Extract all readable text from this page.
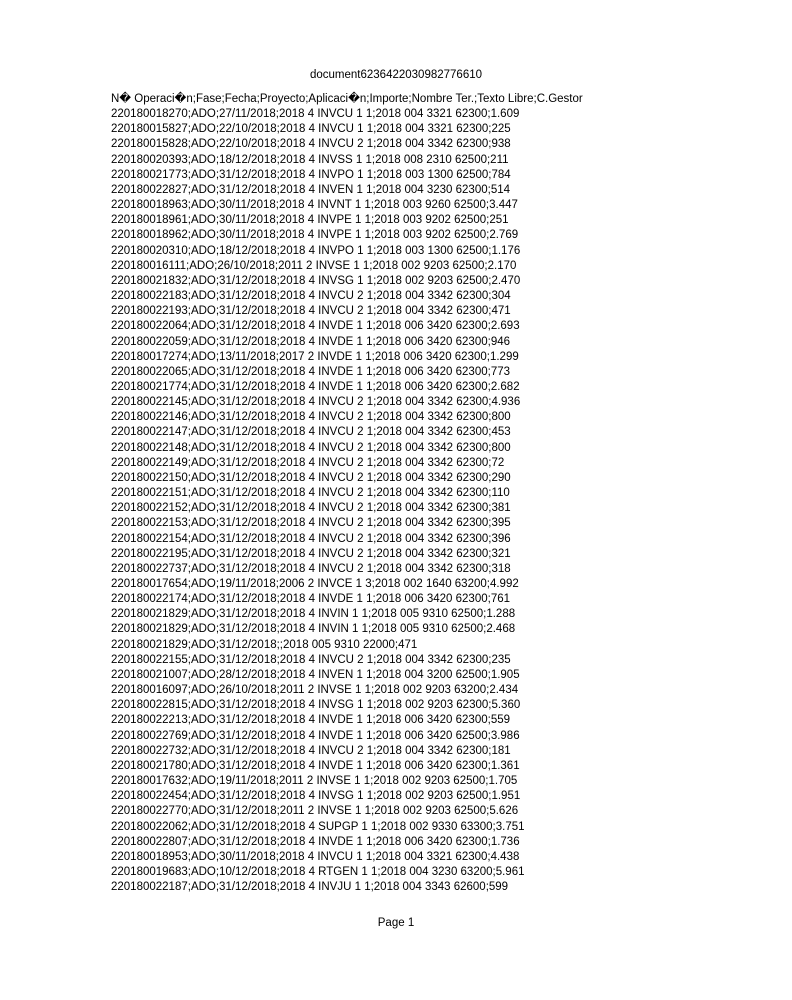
document6236422030982776610
N� Operaci�n;Fase;Fecha;Proyecto;Aplicaci�n;Importe;Nombre Ter.;Texto Libre;C.Gestor
220180018270;ADO;27/11/2018;2018 4 INVCU 1 1;2018 004 3321 62300;1.609
220180015827;ADO;22/10/2018;2018 4 INVCU 1 1;2018 004 3321 62300;225
220180015828;ADO;22/10/2018;2018 4 INVCU 2 1;2018 004 3342 62300;938
220180020393;ADO;18/12/2018;2018 4 INVSS 1 1;2018 008 2310 62500;211
220180021773;ADO;31/12/2018;2018 4 INVPO 1 1;2018 003 1300 62500;784
220180022827;ADO;31/12/2018;2018 4 INVEN 1 1;2018 004 3230 62300;514
220180018963;ADO;30/11/2018;2018 4 INVNT 1 1;2018 003 9260 62500;3.447
220180018961;ADO;30/11/2018;2018 4 INVPE 1 1;2018 003 9202 62500;251
220180018962;ADO;30/11/2018;2018 4 INVPE 1 1;2018 003 9202 62500;2.769
220180020310;ADO;18/12/2018;2018 4 INVPO 1 1;2018 003 1300 62500;1.176
220180016111;ADO;26/10/2018;2011 2 INVSE 1 1;2018 002 9203 62500;2.170
220180021832;ADO;31/12/2018;2018 4 INVSG 1 1;2018 002 9203 62500;2.470
220180022183;ADO;31/12/2018;2018 4 INVCU 2 1;2018 004 3342 62300;304
220180022193;ADO;31/12/2018;2018 4 INVCU 2 1;2018 004 3342 62300;471
220180022064;ADO;31/12/2018;2018 4 INVDE 1 1;2018 006 3420 62300;2.693
220180022059;ADO;31/12/2018;2018 4 INVDE 1 1;2018 006 3420 62300;946
220180017274;ADO;13/11/2018;2017 2 INVDE 1 1;2018 006 3420 62300;1.299
220180022065;ADO;31/12/2018;2018 4 INVDE 1 1;2018 006 3420 62300;773
220180021774;ADO;31/12/2018;2018 4 INVDE 1 1;2018 006 3420 62300;2.682
220180022145;ADO;31/12/2018;2018 4 INVCU 2 1;2018 004 3342 62300;4.936
220180022146;ADO;31/12/2018;2018 4 INVCU 2 1;2018 004 3342 62300;800
220180022147;ADO;31/12/2018;2018 4 INVCU 2 1;2018 004 3342 62300;453
220180022148;ADO;31/12/2018;2018 4 INVCU 2 1;2018 004 3342 62300;800
220180022149;ADO;31/12/2018;2018 4 INVCU 2 1;2018 004 3342 62300;72
220180022150;ADO;31/12/2018;2018 4 INVCU 2 1;2018 004 3342 62300;290
220180022151;ADO;31/12/2018;2018 4 INVCU 2 1;2018 004 3342 62300;110
220180022152;ADO;31/12/2018;2018 4 INVCU 2 1;2018 004 3342 62300;381
220180022153;ADO;31/12/2018;2018 4 INVCU 2 1;2018 004 3342 62300;395
220180022154;ADO;31/12/2018;2018 4 INVCU 2 1;2018 004 3342 62300;396
220180022195;ADO;31/12/2018;2018 4 INVCU 2 1;2018 004 3342 62300;321
220180022737;ADO;31/12/2018;2018 4 INVCU 2 1;2018 004 3342 62300;318
220180017654;ADO;19/11/2018;2006 2 INVCE 1 3;2018 002 1640 63200;4.992
220180022174;ADO;31/12/2018;2018 4 INVDE 1 1;2018 006 3420 62300;761
220180021829;ADO;31/12/2018;2018 4 INVIN 1 1;2018 005 9310 62500;1.288
220180021829;ADO;31/12/2018;2018 4 INVIN 1 1;2018 005 9310 62500;2.468
220180021829;ADO;31/12/2018;;2018 005 9310 22000;471
220180022155;ADO;31/12/2018;2018 4 INVCU 2 1;2018 004 3342 62300;235
220180021007;ADO;28/12/2018;2018 4 INVEN 1 1;2018 004 3200 62500;1.905
220180016097;ADO;26/10/2018;2011 2 INVSE 1 1;2018 002 9203 63200;2.434
220180022815;ADO;31/12/2018;2018 4 INVSG 1 1;2018 002 9203 62300;5.360
220180022213;ADO;31/12/2018;2018 4 INVDE 1 1;2018 006 3420 62300;559
220180022769;ADO;31/12/2018;2018 4 INVDE 1 1;2018 006 3420 62500;3.986
220180022732;ADO;31/12/2018;2018 4 INVCU 2 1;2018 004 3342 62300;181
220180021780;ADO;31/12/2018;2018 4 INVDE 1 1;2018 006 3420 62300;1.361
220180017632;ADO;19/11/2018;2011 2 INVSE 1 1;2018 002 9203 62500;1.705
220180022454;ADO;31/12/2018;2018 4 INVSG 1 1;2018 002 9203 62500;1.951
220180022770;ADO;31/12/2018;2011 2 INVSE 1 1;2018 002 9203 62500;5.626
220180022062;ADO;31/12/2018;2018 4 SUPGP 1 1;2018 002 9330 63300;3.751
220180022807;ADO;31/12/2018;2018 4 INVDE 1 1;2018 006 3420 62300;1.736
220180018953;ADO;30/11/2018;2018 4 INVCU 1 1;2018 004 3321 62300;4.438
220180019683;ADO;10/12/2018;2018 4 RTGEN 1 1;2018 004 3230 63200;5.961
220180022187;ADO;31/12/2018;2018 4 INVJU 1 1;2018 004 3343 62600;599
Page 1
